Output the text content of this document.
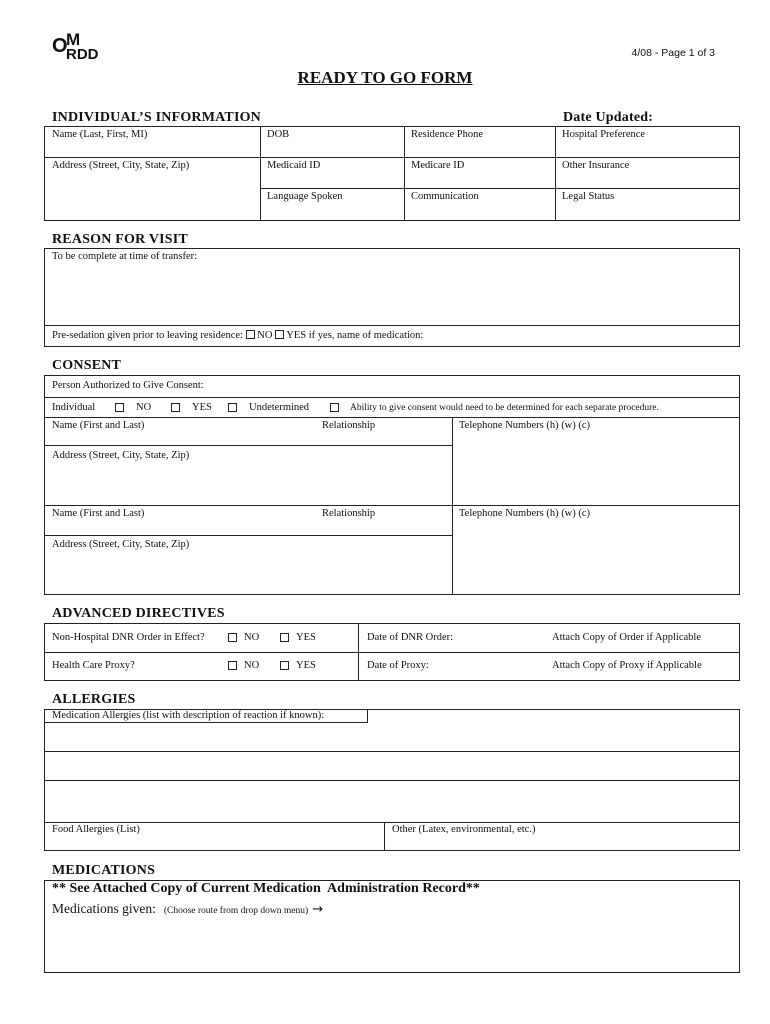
O
M
RDD	4/08 - Page 1 of 3
READY TO GO FORM
INDIVIDUAL’S INFORMATION	Date Updated:
Name (Last, First, MI)	DOB	Residence Phone	Hospital Preference
Address (Street, City, State, Zip)	Medicaid ID	Medicare ID	Other Insurance
Language Spoken	Communication	Legal Status
REASON FOR VISIT
To be complete at time of transfer:
Pre-sedation given prior to leaving residence: NO YES if yes, name of medication:
CONSENT
Person Authorized to Give Consent:
Individual	NO	YES	Undetermined	Ability to give consent would need to be determined for each separate procedure.
Name (First and Last)	Relationship	Telephone Numbers (h) (w) (c)
Address (Street, City, State, Zip)
Name (First and Last)	Relationship	Telephone Numbers (h) (w) (c)
Address (Street, City, State, Zip)
ADVANCED DIRECTIVES
Non-Hospital DNR Order in Effect?	NO	YES	Date of DNR Order:	Attach Copy of Order if Applicable
Health Care Proxy?	NO	YES	Date of Proxy:	Attach Copy of Proxy if Applicable
ALLERGIES
Medication Allergies (list with description of reaction if known):
Food Allergies (List)	Other (Latex, environmental, etc.)
MEDICATIONS
** See Attached Copy of Current Medication  Administration Record**
Medications given: (Choose route from drop down menu) →
